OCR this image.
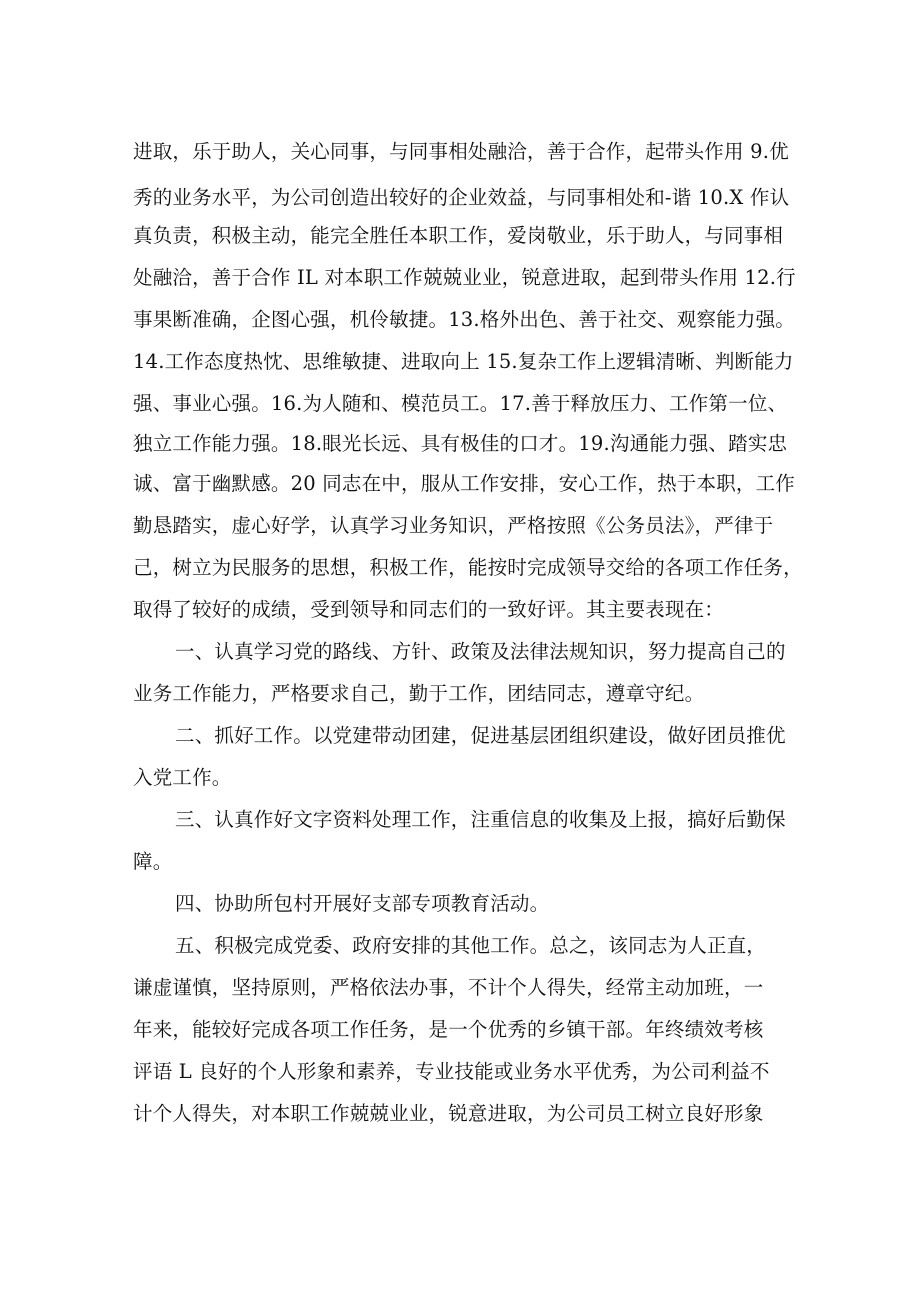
进取，乐于助人，关心同事，与同事相处融洽，善于合作，起带头作用 9.优
秀的业务水平，为公司创造出较好的企业效益，与同事相处和-谐 10.X 作认
真负责，积极主动，能完全胜任本职工作，爱岗敬业，乐于助人，与同事相
处融洽，善于合作 IL 对本职工作兢兢业业，锐意进取，起到带头作用 12.行
事果断准确，企图心强，机伶敏捷。13.格外出色、善于社交、观察能力强。
14.工作态度热忱、思维敏捷、进取向上 15.复杂工作上逻辑清晰、判断能力
强、事业心强。16.为人随和、模范员工。17.善于释放压力、工作第一位、
独立工作能力强。18.眼光长远、具有极佳的口才。19.沟通能力强、踏实忠
诚、富于幽默感。20 同志在中，服从工作安排，安心工作，热于本职，工作
勤恳踏实，虚心好学，认真学习业务知识，严格按照《公务员法》，严律于
己，树立为民服务的思想，积极工作，能按时完成领导交给的各项工作任务，
取得了较好的成绩，受到领导和同志们的一致好评。其主要表现在：
一、认真学习党的路线、方针、政策及法律法规知识，努力提高自己的
业务工作能力，严格要求自己，勤于工作，团结同志，遵章守纪。
二、抓好工作。以党建带动团建，促进基层团组织建设，做好团员推优
入党工作。
三、认真作好文字资料处理工作，注重信息的收集及上报，搞好后勤保
障。
四、协助所包村开展好支部专项教育活动。
五、积极完成党委、政府安排的其他工作。总之，该同志为人正直，
谦虚谨慎，坚持原则，严格依法办事，不计个人得失，经常主动加班，一
年来，能较好完成各项工作任务，是一个优秀的乡镇干部。年终绩效考核
评语 L 良好的个人形象和素养，专业技能或业务水平优秀，为公司利益不
计个人得失，对本职工作兢兢业业，锐意进取，为公司员工树立良好形象
